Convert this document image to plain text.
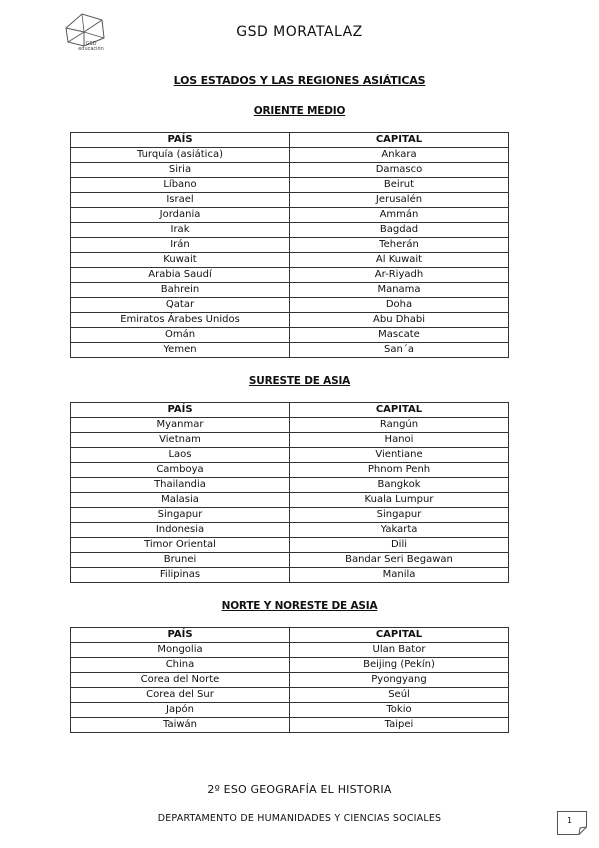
GSD
educación
GSD MORATALAZ
LOS ESTADOS Y LAS REGIONES ASIÁTICAS
ORIENTE MEDIO
PAÍS	CAPITAL
Turquía (asiática)	Ankara
Siria	Damasco
Líbano	Beirut
Israel	Jerusalén
Jordania	Ammán
Irak	Bagdad
Irán	Teherán
Kuwait	Al Kuwait
Arabia Saudí	Ar-Riyadh
Bahrein	Manama
Qatar	Doha
Emiratos Árabes Unidos	Abu Dhabi
Omán	Mascate
Yemen	San´a
SURESTE DE ASIA
PAÍS	CAPITAL
Myanmar	Rangún
Vietnam	Hanoi
Laos	Vientiane
Camboya	Phnom Penh
Thailandia	Bangkok
Malasia	Kuala Lumpur
Singapur	Singapur
Indonesia	Yakarta
Timor Oriental	Dili
Brunei	Bandar Seri Begawan
Filipinas	Manila
NORTE Y NORESTE DE ASIA
PAÍS	CAPITAL
Mongolia	Ulan Bator
China	Beijing (Pekín)
Corea del Norte	Pyongyang
Corea del Sur	Seúl
Japón	Tokio
Taiwán	Taipei
2º ESO GEOGRAFÍA EL HISTORIA
DEPARTAMENTO DE HUMANIDADES Y CIENCIAS SOCIALES	1
